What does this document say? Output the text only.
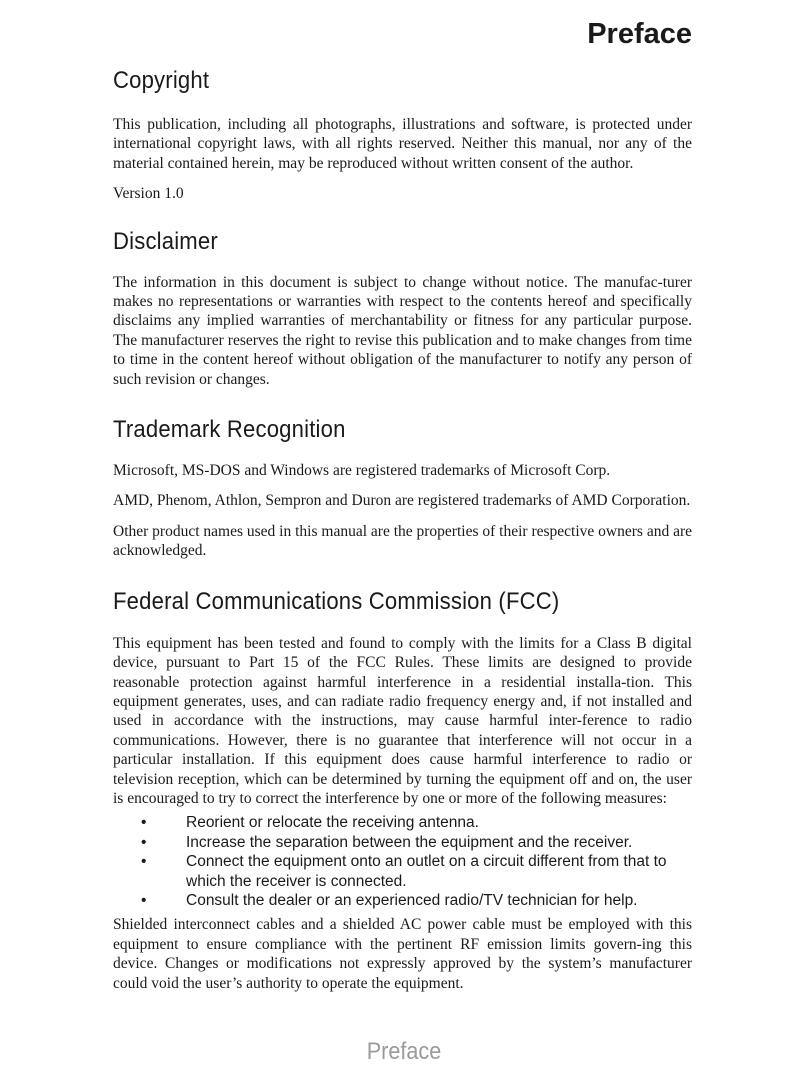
Preface
Copyright

This publication, including all photographs, illustrations and software, is protected under international copyright laws, with all rights reserved. Neither this manual, nor any of the material contained herein, may be reproduced without written consent of the author.

Version 1.0

Disclaimer

The information in this document is subject to change without notice. The manufac-turer makes no representations or warranties with respect to the contents hereof and specifically disclaims any implied warranties of merchantability or fitness for any particular purpose. The manufacturer reserves the right to revise this publication and to make changes from time to time in the content hereof without obligation of the manufacturer to notify any person of such revision or changes.

Trademark Recognition

Microsoft, MS-DOS and Windows are registered trademarks of Microsoft Corp.

AMD, Phenom, Athlon, Sempron and Duron are registered trademarks of AMD Corporation.

Other product names used in this manual are the properties of their respective owners and are acknowledged.

Federal Communications Commission (FCC)

This equipment has been tested and found to comply with the limits for a Class B digital device, pursuant to Part 15 of the FCC Rules. These limits are designed to provide reasonable protection against harmful interference in a residential installa-tion. This equipment generates, uses, and can radiate radio frequency energy and, if not installed and used in accordance with the instructions, may cause harmful inter-ference to radio communications. However, there is no guarantee that interference will not occur in a particular installation. If this equipment does cause harmful interference to radio or television reception, which can be determined by turning the equipment off and on, the user is encouraged to try to correct the interference by one or more of the following measures:

•	Reorient or relocate the receiving antenna.
•	Increase the separation between the equipment and the receiver.
•	Connect the equipment onto an outlet on a circuit different from that to which the receiver is connected.
•	Consult the dealer or an experienced radio/TV technician for help.

Shielded interconnect cables and a shielded AC power cable must be employed with this equipment to ensure compliance with the pertinent RF emission limits govern-ing this device. Changes or modifications not expressly approved by the system’s manufacturer could void the user’s authority to operate the equipment.

Preface
